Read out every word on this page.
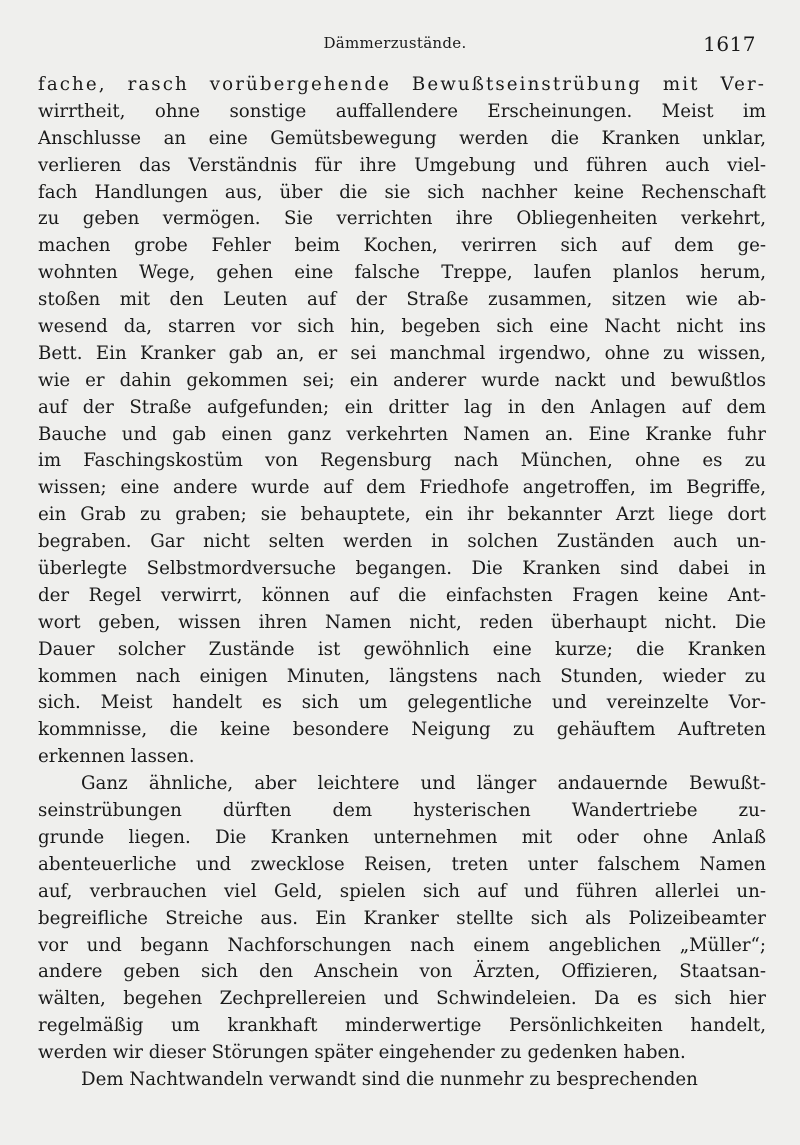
Dämmerzustände.	1617
fache, rasch vorübergehende Bewußtseinstrübung mit Ver-
wirrtheit, ohne sonstige auffallendere Erscheinungen. Meist im
Anschlusse an eine Gemütsbewegung werden die Kranken unklar,
verlieren das Verständnis für ihre Umgebung und führen auch viel-
fach Handlungen aus, über die sie sich nachher keine Rechenschaft
zu geben vermögen. Sie verrichten ihre Obliegenheiten verkehrt,
machen grobe Fehler beim Kochen, verirren sich auf dem ge-
wohnten Wege, gehen eine falsche Treppe, laufen planlos herum,
stoßen mit den Leuten auf der Straße zusammen, sitzen wie ab-
wesend da, starren vor sich hin, begeben sich eine Nacht nicht ins
Bett. Ein Kranker gab an, er sei manchmal irgendwo, ohne zu wissen,
wie er dahin gekommen sei; ein anderer wurde nackt und bewußtlos
auf der Straße aufgefunden; ein dritter lag in den Anlagen auf dem
Bauche und gab einen ganz verkehrten Namen an. Eine Kranke fuhr
im Faschingskostüm von Regensburg nach München, ohne es zu
wissen; eine andere wurde auf dem Friedhofe angetroffen, im Begriffe,
ein Grab zu graben; sie behauptete, ein ihr bekannter Arzt liege dort
begraben. Gar nicht selten werden in solchen Zuständen auch un-
überlegte Selbstmordversuche begangen. Die Kranken sind dabei in
der Regel verwirrt, können auf die einfachsten Fragen keine Ant-
wort geben, wissen ihren Namen nicht, reden überhaupt nicht. Die
Dauer solcher Zustände ist gewöhnlich eine kurze; die Kranken
kommen nach einigen Minuten, längstens nach Stunden, wieder zu
sich. Meist handelt es sich um gelegentliche und vereinzelte Vor-
kommnisse, die keine besondere Neigung zu gehäuftem Auftreten
erkennen lassen.
Ganz ähnliche, aber leichtere und länger andauernde Bewußt-
seinstrübungen dürften dem hysterischen Wandertriebe zu-
grunde liegen. Die Kranken unternehmen mit oder ohne Anlaß
abenteuerliche und zwecklose Reisen, treten unter falschem Namen
auf, verbrauchen viel Geld, spielen sich auf und führen allerlei un-
begreifliche Streiche aus. Ein Kranker stellte sich als Polizeibeamter
vor und begann Nachforschungen nach einem angeblichen „Müller“;
andere geben sich den Anschein von Ärzten, Offizieren, Staatsan-
wälten, begehen Zechprellereien und Schwindeleien. Da es sich hier
regelmäßig um krankhaft minderwertige Persönlichkeiten handelt,
werden wir dieser Störungen später eingehender zu gedenken haben.
Dem Nachtwandeln verwandt sind die nunmehr zu besprechenden
